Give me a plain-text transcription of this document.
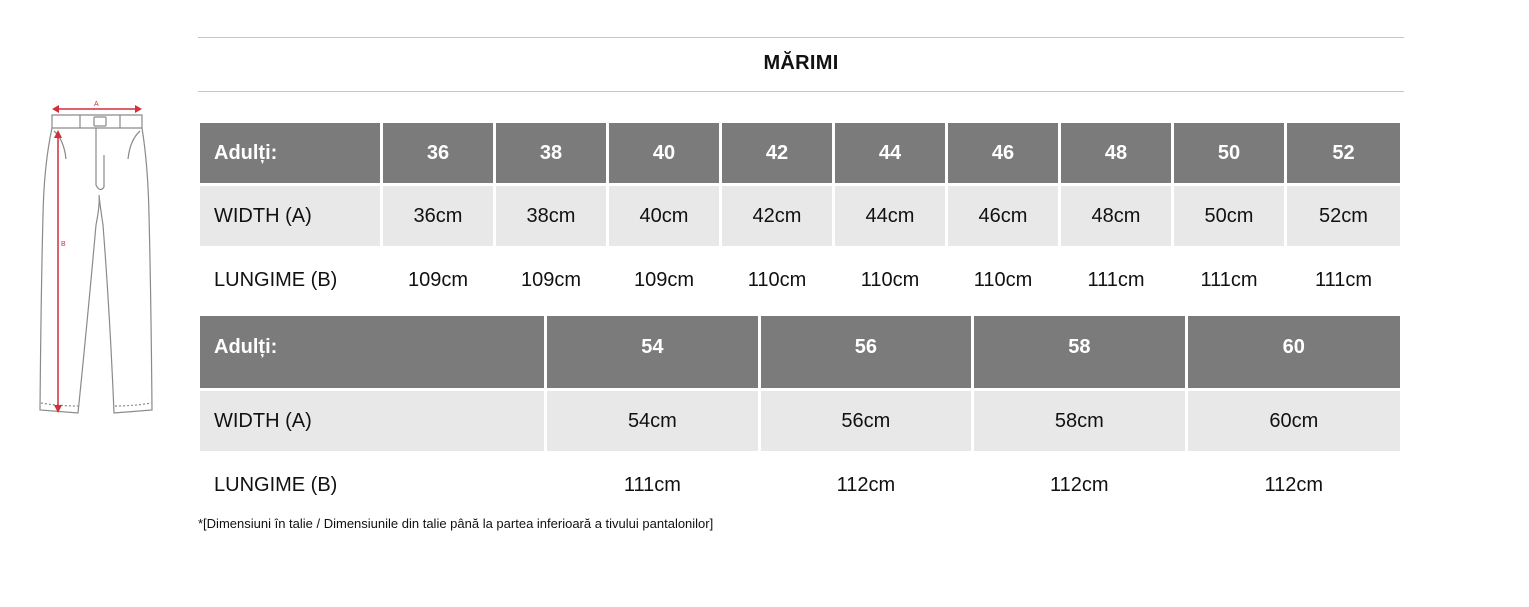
A
B
MĂRIMI
Adulți:	36	38	40	42	44	46	48	50	52
WIDTH (A)	36cm	38cm	40cm	42cm	44cm	46cm	48cm	50cm	52cm
LUNGIME (B)	109cm	109cm	109cm	110cm	110cm	110cm	111cm	111cm	111cm
Adulți:	54	56	58	60
WIDTH (A)	54cm	56cm	58cm	60cm
LUNGIME (B)	111cm	112cm	112cm	112cm
*[Dimensiuni în talie / Dimensiunile din talie până la partea inferioară a tivului pantalonilor]
